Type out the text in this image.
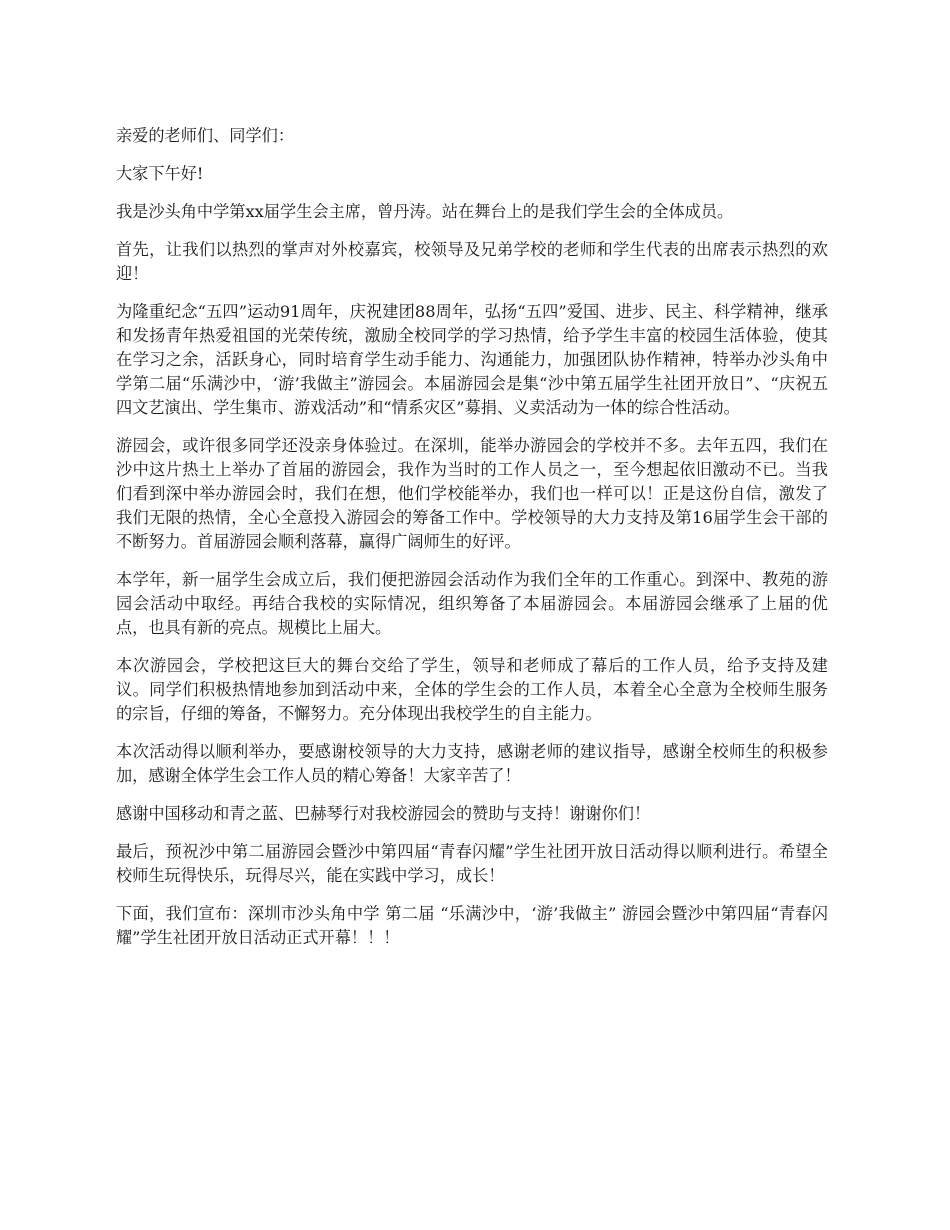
亲爱的老师们、同学们：

大家下午好!

我是沙头角中学第xx届学生会主席，曾丹涛。站在舞台上的是我们学生会的全体成员。

首先，让我们以热烈的掌声对外校嘉宾，校领导及兄弟学校的老师和学生代表的出席表示热烈的欢迎！

为隆重纪念“五四”运动91周年，庆祝建团88周年，弘扬“五四”爱国、进步、民主、科学精神，继承和发扬青年热爱祖国的光荣传统，激励全校同学的学习热情，给予学生丰富的校园生活体验，使其在学习之余，活跃身心，同时培育学生动手能力、沟通能力，加强团队协作精神，特举办沙头角中学第二届“乐满沙中，‘游’我做主”游园会。本届游园会是集“沙中第五届学生社团开放日”、“庆祝五四文艺演出、学生集市、游戏活动”和“情系灾区”募捐、义卖活动为一体的综合性活动。

游园会，或许很多同学还没亲身体验过。在深圳，能举办游园会的学校并不多。去年五四，我们在沙中这片热土上举办了首届的游园会，我作为当时的工作人员之一，至今想起依旧激动不已。当我们看到深中举办游园会时，我们在想，他们学校能举办，我们也一样可以！正是这份自信，激发了我们无限的热情，全心全意投入游园会的筹备工作中。学校领导的大力支持及第16届学生会干部的不断努力。首届游园会顺利落幕，赢得广阔师生的好评。

本学年，新一届学生会成立后，我们便把游园会活动作为我们全年的工作重心。到深中、教苑的游园会活动中取经。再结合我校的实际情况，组织筹备了本届游园会。本届游园会继承了上届的优点，也具有新的亮点。规模比上届大。

本次游园会，学校把这巨大的舞台交给了学生，领导和老师成了幕后的工作人员，给予支持及建议。同学们积极热情地参加到活动中来，全体的学生会的工作人员，本着全心全意为全校师生服务的宗旨，仔细的筹备，不懈努力。充分体现出我校学生的自主能力。

本次活动得以顺利举办，要感谢校领导的大力支持，感谢老师的建议指导，感谢全校师生的积极参加，感谢全体学生会工作人员的精心筹备！大家辛苦了！

感谢中国移动和青之蓝、巴赫琴行对我校游园会的赞助与支持！谢谢你们！

最后，预祝沙中第二届游园会暨沙中第四届“青春闪耀”学生社团开放日活动得以顺利进行。希望全校师生玩得快乐，玩得尽兴，能在实践中学习，成长！

下面，我们宣布：深圳市沙头角中学 第二届 “乐满沙中，‘游’我做主” 游园会暨沙中第四届“青春闪耀”学生社团开放日活动正式开幕！！！
